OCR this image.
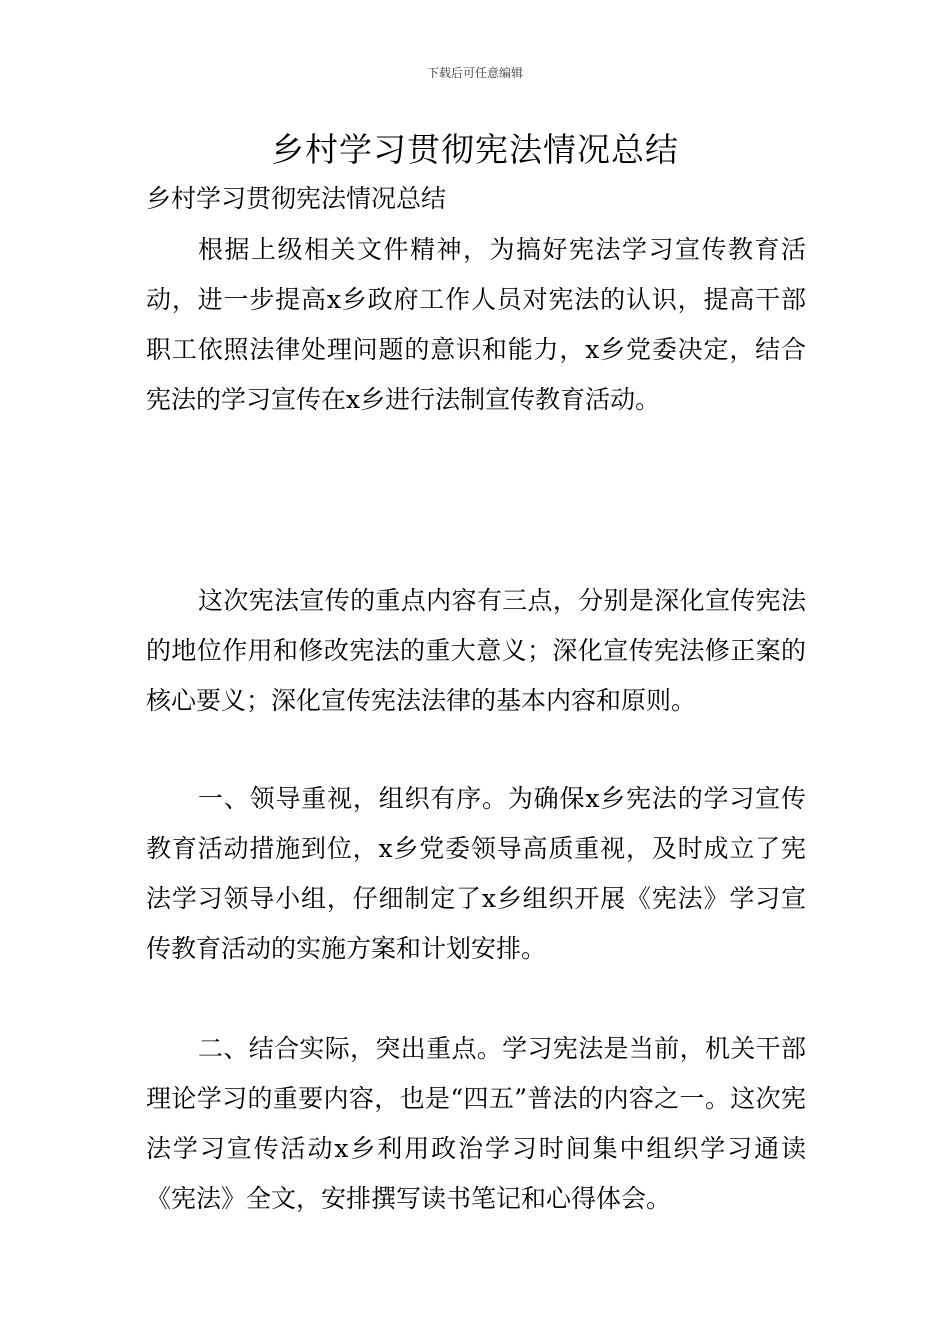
下载后可任意编辑
乡村学习贯彻宪法情况总结

乡村学习贯彻宪法情况总结

根据上级相关文件精神，为搞好宪法学习宣传教育活动，进一步提高x乡政府工作人员对宪法的认识，提高干部职工依照法律处理问题的意识和能力，x乡党委决定，结合宪法的学习宣传在x乡进行法制宣传教育活动。

这次宪法宣传的重点内容有三点，分别是深化宣传宪法的地位作用和修改宪法的重大意义；深化宣传宪法修正案的核心要义；深化宣传宪法法律的基本内容和原则。

一、领导重视，组织有序。为确保x乡宪法的学习宣传教育活动措施到位，x乡党委领导高质重视，及时成立了宪法学习领导小组，仔细制定了x乡组织开展《宪法》学习宣传教育活动的实施方案和计划安排。

二、结合实际，突出重点。学习宪法是当前，机关干部理论学习的重要内容，也是“四五”普法的内容之一。这次宪法学习宣传活动x乡利用政治学习时间集中组织学习通读《宪法》全文，安排撰写读书笔记和心得体会。
